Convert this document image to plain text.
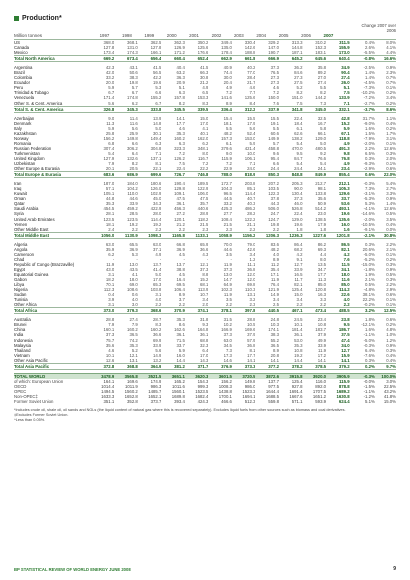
Production*
Million tonnes	1997	1998	1999	2000	2001	2002	2003	2004	2005	2006	2007
Change 2007 over 2006
US	368.0	368.1	362.5	362.3	350.2	349.4	330.4	329.2	313.3	310.2	311.5	0.4%	8.0%
Canada	127.8	131.0	127.8	126.9	125.6	135.0	142.6	147.0	144.8	152.3	155.9	2.6%	4.1%
Mexico	173.4	174.3	166.1	171.2	176.6	178.4	188.8	190.7	187.1	183.1	173.0	-5.5%	4.4%
Total North America	669.2	673.4	656.4	660.4	652.4	662.9	661.8	666.9	645.2	645.6	640.4	-0.8%	16.6%

Argentina	42.3	43.1	41.5	40.4	41.5	40.9	40.2	37.3	36.2	35.8	34.9	-2.5%	0.9%
Brazil	42.0	50.6	56.5	63.2	66.3	74.4	77.0	76.5	84.6	89.2	90.4	1.4%	2.3%
Colombia	33.2	38.3	42.2	36.3	30.8	30.0	28.4	27.3	27.3	27.0	27.4	1.4%	0.7%
Ecuador	20.0	19.8	19.6	20.9	21.2	20.4	21.7	27.3	27.5	27.4	26.0	-4.5%	0.7%
Peru	5.9	5.7	5.3	5.1	4.9	4.9	4.6	4.6	5.2	5.5	5.1	-7.3%	0.1%
Trinidad & Tobago	6.7	6.7	6.6	6.3	6.5	7.2	7.7	7.2	8.2	8.2	7.5	-10.2%	0.2%
Venezuela	171.4	174.8	155.2	157.8	153.3	141.6	125.6	150.0	151.0	144.2	133.9	-7.2%	3.4%
Other S. & Cent. America	5.6	6.2	6.7	8.2	8.3	8.9	8.4	7.6	7.5	7.3	7.1	-2.7%	0.2%
Total S. & Cent. America	326.8	345.3	333.8	345.5	339.5	336.4	312.2	337.9	341.8	345.0	332.1	-3.7%	8.6%

Azerbaijan	9.0	11.4	13.9	14.1	15.0	15.4	15.5	15.5	22.4	32.5	42.8	31.7%	1.1%
Denmark	11.3	11.6	14.8	17.7	17.0	18.1	17.9	19.1	18.4	16.7	15.2	-9.0%	0.4%
Italy	5.9	5.6	5.0	4.6	4.1	5.5	5.6	5.5	6.1	5.8	5.9	1.6%	0.2%
Kazakhstan	25.8	25.9	30.1	35.3	40.1	48.2	52.4	60.6	62.6	66.1	67.1	1.5%	1.7%
Norway	156.2	149.8	149.4	160.2	162.0	157.3	153.0	149.9	138.2	129.0	118.8	-7.9%	3.1%
Romania	6.8	6.6	6.3	6.3	6.2	6.1	5.9	5.7	5.4	5.0	4.9	-2.0%	0.1%
Russian Federation	307.4	306.2	304.8	323.3	348.1	379.6	421.4	458.8	470.0	480.5	491.3	2.2%	12.6%
Turkmenistan	5.4	6.4	7.1	7.2	8.0	9.0	10.0	9.6	9.5	9.2	9.8	6.5%	0.3%
United Kingdom	127.9	132.6	137.1	126.2	116.7	115.9	106.1	95.4	84.7	76.6	76.8	0.3%	2.0%
Uzbekistan	7.9	8.2	8.1	7.5	7.2	7.2	7.1	6.6	5.4	5.4	4.9	-9.3%	0.1%
Other Europe & Eurasia	20.1	20.5	22.1	22.4	22.2	22.9	24.0	24.4	24.4	24.1	23.4	-2.9%	0.6%
Total Europe & Eurasia	683.6	686.9	699.6	726.7	746.8	788.0	818.9	850.3	848.8	849.9	855.4	0.6%	22.0%

Iran	187.0	184.0	180.6	190.4	189.5	172.7	203.8	207.2	205.3	212.7	212.1	-0.3%	5.4%
Iraq	57.1	104.2	126.0	129.8	122.9	104.3	85.1	103.5	90.0	98.1	105.3	7.3%	2.7%
Kuwait	105.1	110.0	102.9	109.1	106.0	96.5	114.4	122.3	130.4	133.8	129.6	-3.1%	3.3%
Oman	44.8	44.6	45.0	47.5	47.5	44.5	40.7	37.8	37.3	35.6	33.7	-5.3%	0.9%
Qatar	35.3	33.9	34.3	36.1	35.7	33.2	40.3	44.3	46.0	50.9	53.6	5.3%	1.4%
Saudi Arabia	454.5	459.2	422.9	456.3	440.6	425.3	486.2	506.0	526.8	514.2	493.1	-4.1%	12.6%
Syria	28.1	28.5	28.0	27.2	28.9	27.7	28.2	24.7	22.4	23.0	19.6	-14.6%	0.5%
United Arab Emirates	123.5	123.5	114.4	120.1	118.2	108.4	122.2	124.7	129.0	138.5	135.6	-2.0%	3.5%
Yemen	18.1	19.2	19.2	21.2	21.5	21.5	21.1	19.8	19.6	17.9	16.0	-10.5%	0.4%
Other Middle East	2.4	2.2	2.2	2.2	2.3	2.3	2.2	2.2	1.8	1.8	1.6	-9.1%	0.0%
Total Middle East	1056.0	1130.9	1098.3	1165.8	1133.1	1058.9	1156.2	1206.3	1236.3	1227.6	1201.8	-2.1%	30.8%

Algeria	63.0	65.5	63.0	66.8	65.9	70.0	79.0	83.6	86.4	86.2	86.5	0.3%	2.2%
Angola	35.9	36.9	37.1	36.9	36.6	44.6	42.6	48.2	68.2	69.3	82.1	20.6%	2.1%
Cameroon	6.2	5.3	4.9	4.5	4.3	3.5	3.4	4.0	4.2	4.4	4.2	-5.0%	0.1%
Chad	-	-	-	-	-	-	1.2	8.9	9.1	8.0	7.6	-5.2%	0.2%
Republic of Congo (Brazzaville)	11.9	13.0	13.7	13.7	12.1	11.9	11.1	11.2	12.7	13.5	11.5	-15.0%	0.3%
Egypt	43.0	43.5	41.4	38.8	37.3	37.3	36.8	35.4	33.9	34.7	34.1	-1.8%	0.9%
Equatorial Guinea	3.1	4.1	5.0	4.5	8.8	13.0	12.0	17.1	16.5	17.7	18.0	1.9%	0.5%
Gabon	18.2	18.0	17.0	16.4	15.2	14.7	12.0	11.9	11.7	11.3	11.6	2.1%	0.3%
Libya	70.1	69.0	65.3	69.5	68.1	64.9	69.8	76.4	82.1	85.0	85.0	0.5%	2.2%
Nigeria	112.3	108.6	103.8	106.4	113.9	102.3	110.3	121.9	125.4	120.8	114.2	-4.8%	2.9%
Sudan	0.4	0.6	3.1	8.9	10.7	11.9	13.1	14.9	15.0	16.3	22.6	38.1%	0.6%
Tunisia	3.9	4.0	4.0	3.7	3.4	3.5	3.2	3.4	3.4	3.3	4.0	22.2%	0.1%
Other Africa	3.1	3.0	2.2	2.2	2.0	2.2	2.3	2.5	2.2	2.2	2.2	-0.2%	0.1%
Total Africa	373.0	379.3	368.6	370.9	374.1	378.1	397.8	440.5	467.1	473.4	488.5	3.2%	12.5%

Australia	28.8	27.4	28.7	35.3	31.8	31.5	28.8	24.8	24.5	23.4	23.8	1.8%	0.6%
Brunei	7.9	7.9	8.3	8.6	9.3	10.2	10.5	10.3	10.1	10.8	9.5	-12.1%	0.2%
China	160.1	160.2	160.2	162.6	164.8	166.9	169.6	174.1	181.4	183.7	186.7	1.6%	4.8%
India	37.3	36.5	36.6	36.1	36.1	37.3	37.9	38.3	36.1	37.9	37.5	-1.1%	1.0%
Indonesia	75.7	74.2	69.9	71.5	68.8	63.0	57.9	55.2	53.0	49.9	47.4	-5.0%	1.2%
Malaysia	35.6	35.3	33.9	33.7	32.3	34.5	36.8	36.5	35.3	33.9	34.0	-0.3%	0.9%
Thailand	4.6	5.2	5.6	5.9	6.4	7.3	8.1	8.9	10.8	11.9	12.7	6.4%	0.3%
Vietnam	10.1	12.1	14.9	16.0	17.0	17.3	17.7	20.8	19.2	17.2	15.9	-7.6%	0.4%
Other Asia Pacific	12.6	13.1	13.2	14.4	14.3	14.6	14.1	14.1	14.4	14.1	14.1	0.3%	0.4%
Total Asia Pacific	372.8	368.8	364.9	381.2	371.7	376.9	373.3	377.2	378.2	378.5	379.2	0.2%	9.7%

TOTAL WORLD	3478.9	3565.8	3521.5	3651.1	3620.3	3601.5	3720.5	3872.6	3915.8	3920.0	3905.9	-0.3%	100.0%
of which: European Union	164.1	169.6	174.9	165.2	154.3	156.2	149.8	137.7	125.4	116.0	115.9	-0.0%	3.0%
OECD	1014.4	1011.9	986.3	1011.6	999.3	1008.3	986.0	977.5	927.8	892.0	878.8	-1.5%	22.5%
OPEC	1494.5	1560.2	1485.7	1560.1	1523.5	1438.8	1523.3	1644.4	1691.4	1707.5	1689.2	-1.1%	43.2%
Non-OPEC‡	1633.3	1652.8	1652.1	1689.8	1682.4	1700.1	1694.1	1688.5	1667.6	1651.2	1630.8	-1.2%	41.8%
Former Soviet Union	351.1	352.8	373.7	393.4	424.3	466.6	512.3	559.8	571.1	593.9	624.4	5.1%	15.0%
*Includes crude oil, shale oil, oil sands and NGLs (the liquid content of natural gas where this is recovered separately). Excludes liquid fuels from other sources such as biomass and coal derivatives.
‡Excludes Former Soviet Union.
^Less than 0.05%.
BP STATISTICAL REVIEW OF WORLD ENERGY JUNE 2008	9
